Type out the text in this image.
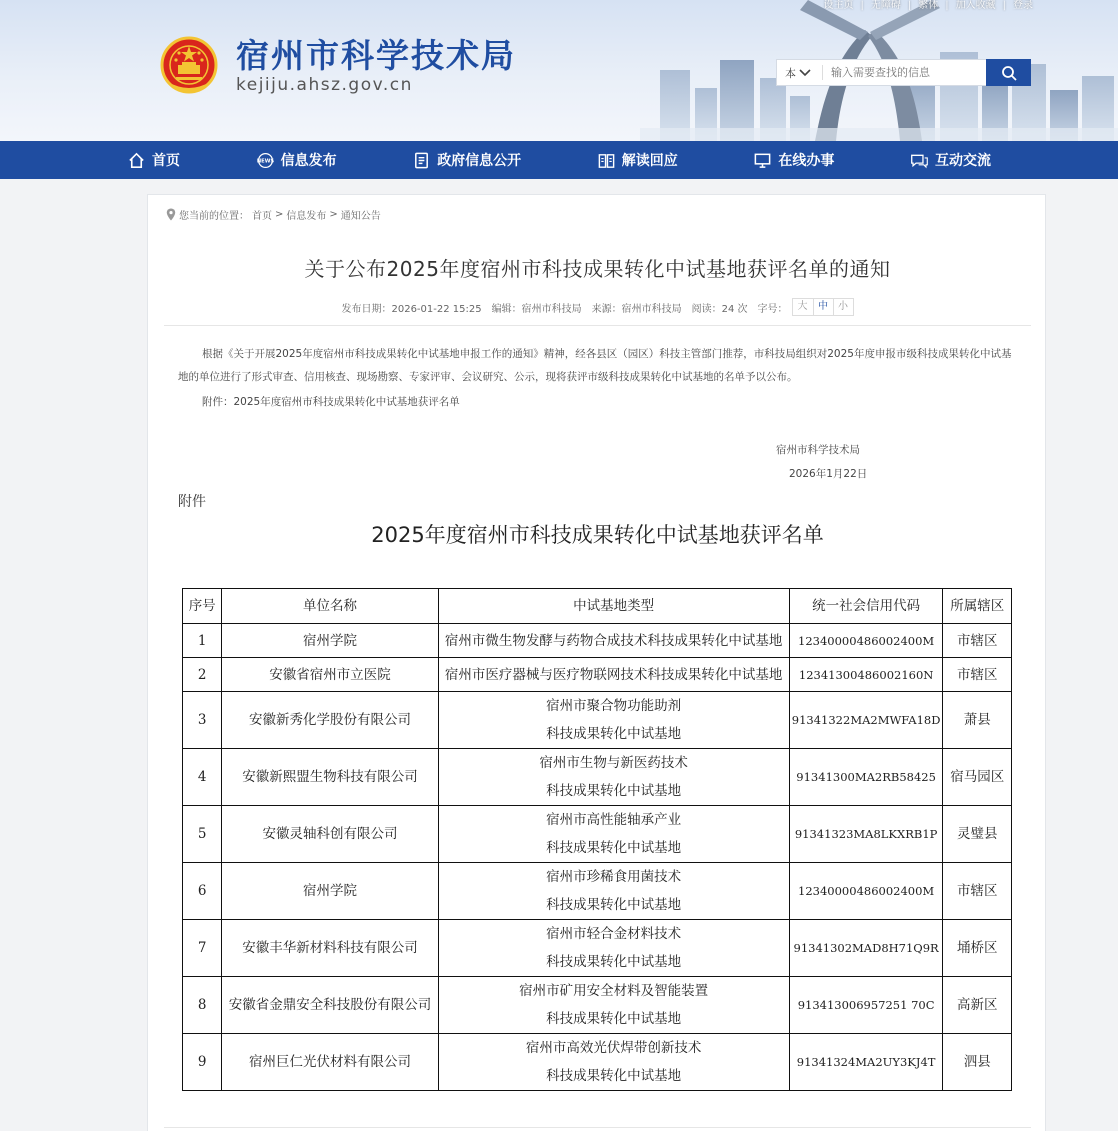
设主页 | 无障碍 | 繁体 | 加入收藏 | 登录
宿州市科学技术局
kejiju.ahsz.gov.cn
本
输入需要查找的信息
首页	NEWS 信息发布	政府信息公开	解读回应	在线办事	互动交流
您当前的位置： 首页 > 信息发布 > 通知公告
关于公布2025年度宿州市科技成果转化中试基地获评名单的通知
发布日期：2026-01-22 15:25 编辑：宿州市科技局 来源：宿州市科技局 阅读：24 次 字号：	大	中	小

根据《关于开展2025年度宿州市科技成果转化中试基地申报工作的通知》精神，经各县区（园区）科技主管部门推荐，市科技局组织对2025年度申报市级科技成果转化中试基地的单位进行了形式审查、信用核查、现场勘察、专家评审、会议研究、公示，现将获评市级科技成果转化中试基地的名单予以公布。

附件：2025年度宿州市科技成果转化中试基地获评名单

宿州市科学技术局
2026年1月22日
附件
2025年度宿州市科技成果转化中试基地获评名单
序号	单位名称	中试基地类型	统一社会信用代码	所属辖区
1	宿州学院	宿州市微生物发酵与药物合成技术科技成果转化中试基地	12340000486002400M	市辖区
2	安徽省宿州市立医院	宿州市医疗器械与医疗物联网技术科技成果转化中试基地	12341300486002160N	市辖区
3	安徽新秀化学股份有限公司	宿州市聚合物功能助剂
科技成果转化中试基地	91341322MA2MWFA18D	萧县
4	安徽新熙盟生物科技有限公司	宿州市生物与新医药技术
科技成果转化中试基地	91341300MA2RB58425	宿马园区
5	安徽灵轴科创有限公司	宿州市高性能轴承产业
科技成果转化中试基地	91341323MA8LKXRB1P	灵璧县
6	宿州学院	宿州市珍稀食用菌技术
科技成果转化中试基地	12340000486002400M	市辖区
7	安徽丰华新材料科技有限公司	宿州市轻合金材料技术
科技成果转化中试基地	91341302MAD8H71Q9R	埇桥区
8	安徽省金鼎安全科技股份有限公司	宿州市矿用安全材料及智能装置
科技成果转化中试基地	913413006957251 70C	高新区
9	宿州巨仁光伏材料有限公司	宿州市高效光伏焊带创新技术
科技成果转化中试基地	91341324MA2UY3KJ4T	泗县
